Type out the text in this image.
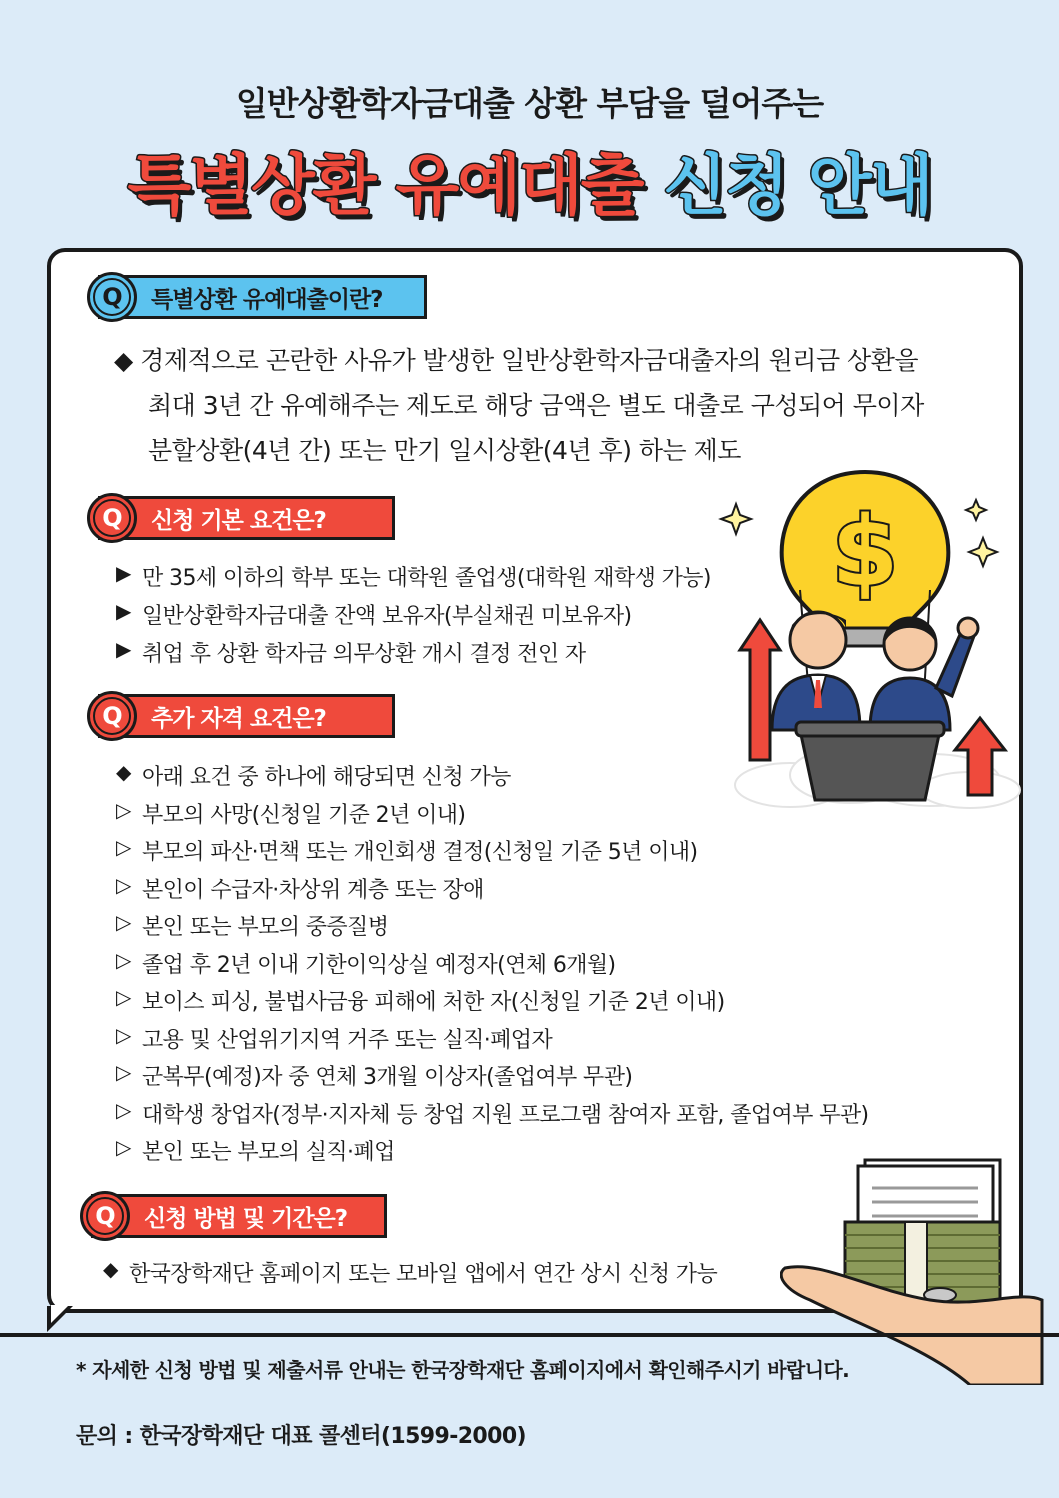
일반상환학자금대출 상환 부담을 덜어주는
특별상환 유예대출 신청 안내
Q	특별상환 유예대출이란?
◆ 경제적으로 곤란한 사유가 발생한 일반상환학자금대출자의 원리금 상환을
최대 3년 간 유예해주는 제도로 해당 금액은 별도 대출로 구성되어 무이자
분할상환(4년 간) 또는 만기 일시상환(4년 후) 하는 제도
Q	신청 기본 요건은?
▶ 만 35세 이하의 학부 또는 대학원 졸업생(대학원 재학생 가능)
▶ 일반상환학자금대출 잔액 보유자(부실채권 미보유자)
▶ 취업 후 상환 학자금 의무상환 개시 결정 전인 자
Q	추가 자격 요건은?
◆ 아래 요건 중 하나에 해당되면 신청 가능
▷ 부모의 사망(신청일 기준 2년 이내)
▷ 부모의 파산·면책 또는 개인회생 결정(신청일 기준 5년 이내)
▷ 본인이 수급자·차상위 계층 또는 장애
▷ 본인 또는 부모의 중증질병
▷ 졸업 후 2년 이내 기한이익상실 예정자(연체 6개월)
▷ 보이스 피싱, 불법사금융 피해에 처한 자(신청일 기준 2년 이내)
▷ 고용 및 산업위기지역 거주 또는 실직·폐업자
▷ 군복무(예정)자 중 연체 3개월 이상자(졸업여부 무관)
▷ 대학생 창업자(정부·지자체 등 창업 지원 프로그램 참여자 포함, 졸업여부 무관)
▷ 본인 또는 부모의 실직·폐업
Q	신청 방법 및 기간은?
◆ 한국장학재단 홈페이지 또는 모바일 앱에서 연간 상시 신청 가능
$
* 자세한 신청 방법 및 제출서류 안내는 한국장학재단 홈페이지에서 확인해주시기 바랍니다.
문의 : 한국장학재단 대표 콜센터(1599-2000)
